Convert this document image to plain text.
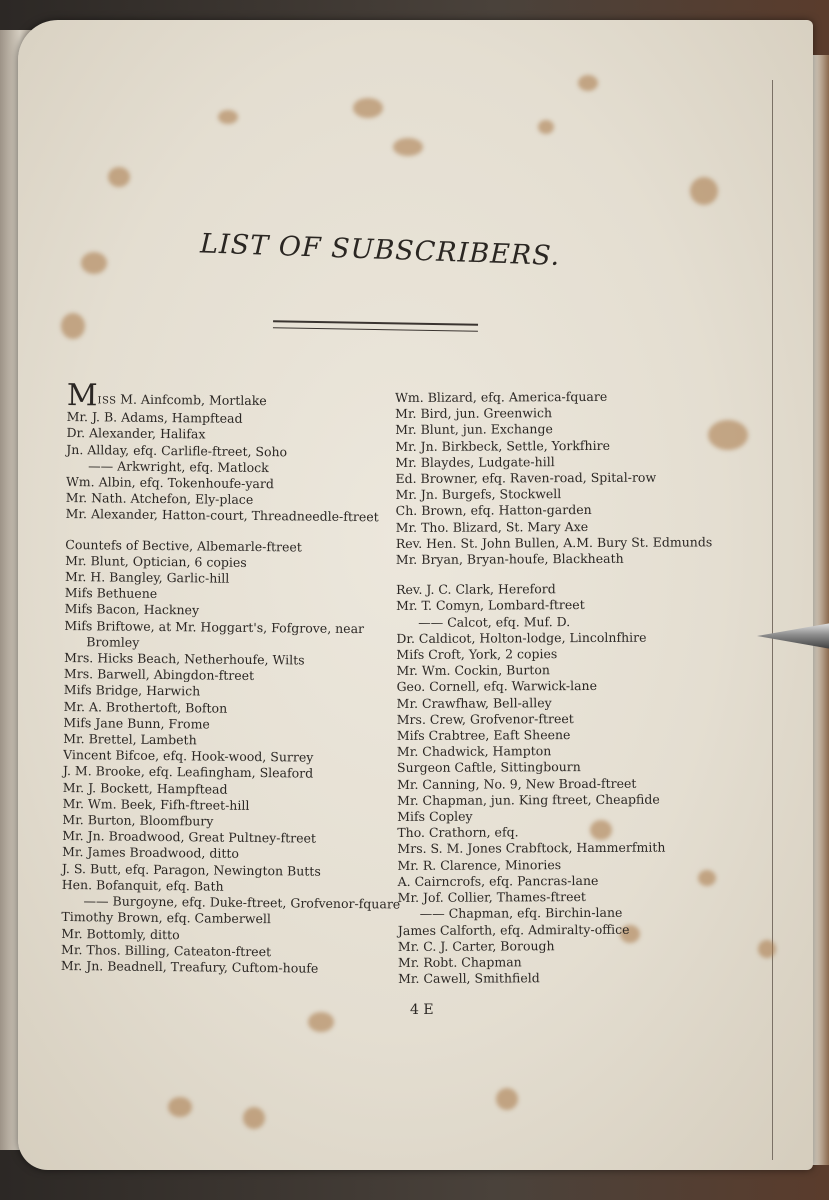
LIST OF SUBSCRIBERS.
MISS M. Ainfcomb, Mortlake
Mr. J. B. Adams, Hampftead
Dr. Alexander, Halifax
Jn. Allday, efq. Carlifle-ftreet, Soho
—— Arkwright, efq. Matlock
Wm. Albin, efq. Tokenhoufe-yard
Mr. Nath. Atchefon, Ely-place
Mr. Alexander, Hatton-court, Threadneedle-ftreet
Countefs of Bective, Albemarle-ftreet
Mr. Blunt, Optician, 6 copies
Mr. H. Bangley, Garlic-hill
Mifs Bethuene
Mifs Bacon, Hackney
Mifs Briftowe, at Mr. Hoggart's, Fofgrove, near
Bromley
Mrs. Hicks Beach, Netherhoufe, Wilts
Mrs. Barwell, Abingdon-ftreet
Mifs Bridge, Harwich
Mr. A. Brothertoft, Bofton
Mifs Jane Bunn, Frome
Mr. Brettel, Lambeth
Vincent Bifcoe, efq. Hook-wood, Surrey
J. M. Brooke, efq. Leafingham, Sleaford
Mr. J. Bockett, Hampftead
Mr. Wm. Beek, Fifh-ftreet-hill
Mr. Burton, Bloomfbury
Mr. Jn. Broadwood, Great Pultney-ftreet
Mr. James Broadwood, ditto
J. S. Butt, efq. Paragon, Newington Butts
Hen. Bofanquit, efq. Bath
—— Burgoyne, efq. Duke-ftreet, Grofvenor-fquare
Timothy Brown, efq. Camberwell
Mr. Bottomly, ditto
Mr. Thos. Billing, Cateaton-ftreet
Mr. Jn. Beadnell, Treafury, Cuftom-houfe
Wm. Blizard, efq. America-fquare
Mr. Bird, jun. Greenwich
Mr. Blunt, jun. Exchange
Mr. Jn. Birkbeck, Settle, Yorkfhire
Mr. Blaydes, Ludgate-hill
Ed. Browner, efq. Raven-road, Spital-row
Mr. Jn. Burgefs, Stockwell
Ch. Brown, efq. Hatton-garden
Mr. Tho. Blizard, St. Mary Axe
Rev. Hen. St. John Bullen, A.M. Bury St. Edmunds
Mr. Bryan, Bryan-houfe, Blackheath
Rev. J. C. Clark, Hereford
Mr. T. Comyn, Lombard-ftreet
—— Calcot, efq. Muf. D.
Dr. Caldicot, Holton-lodge, Lincolnfhire
Mifs Croft, York, 2 copies
Mr. Wm. Cockin, Burton
Geo. Cornell, efq. Warwick-lane
Mr. Crawfhaw, Bell-alley
Mrs. Crew, Grofvenor-ftreet
Mifs Crabtree, Eaft Sheene
Mr. Chadwick, Hampton
Surgeon Caftle, Sittingbourn
Mr. Canning, No. 9, New Broad-ftreet
Mr. Chapman, jun. King ftreet, Cheapfide
Mifs Copley
Tho. Crathorn, efq.
Mrs. S. M. Jones Crabftock, Hammerfmith
Mr. R. Clarence, Minories
A. Cairncrofs, efq. Pancras-lane
Mr. Jof. Collier, Thames-ftreet
—— Chapman, efq. Birchin-lane
James Calforth, efq. Admiralty-office
Mr. C. J. Carter, Borough
Mr. Robt. Chapman
Mr. Cawell, Smithfield
4 E
